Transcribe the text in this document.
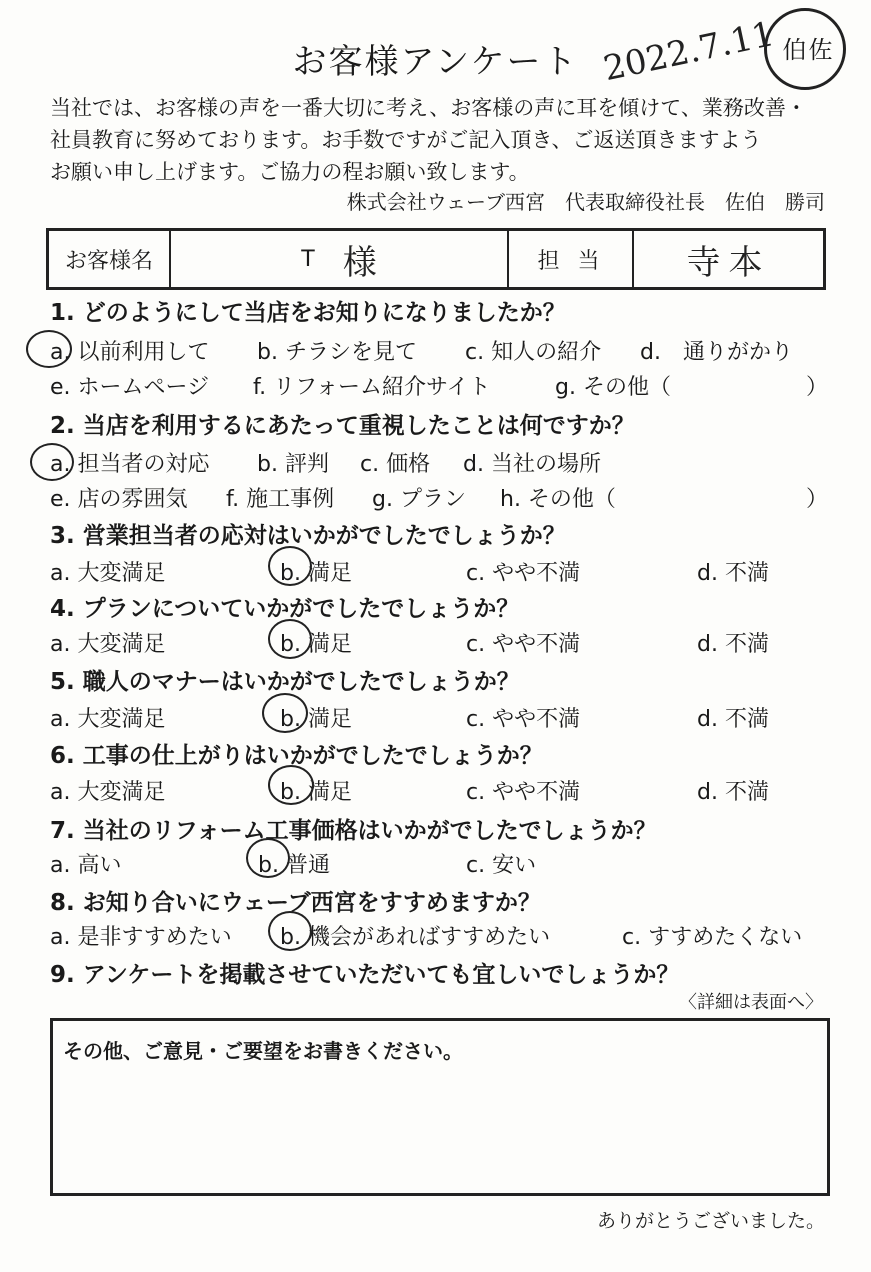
お客様アンケート 2022.7.11	佐
伯
当社では、お客様の声を一番大切に考え、お客様の声に耳を傾けて、業務改善・
社員教育に努めております。お手数ですがご記入頂き、ご返送頂きますよう
お願い申し上げます。ご協力の程お願い致します。
株式会社ウェーブ西宮　代表取締役社長　佐伯　勝司
お客様名	T 様	担当	寺本
1. どのようにして当店をお知りになりましたか？
a. 以前利用して b. チラシを見て c. 知人の紹介 d.　通りがかり
e. ホームページ f. リフォーム紹介サイト	g. その他（	）
2. 当店を利用するにあたって重視したことは何ですか？
a. 担当者の対応 b. 評判 c. 価格 d. 当社の場所
e. 店の雰囲気 f. 施工事例 g. プラン h. その他（	）
3. 営業担当者の応対はいかがでしたでしょうか？
a. 大変満足	b. 満足	c. やや不満	d. 不満
4. プランについていかがでしたでしょうか？
a. 大変満足	b. 満足	c. やや不満	d. 不満
5. 職人のマナーはいかがでしたでしょうか？
a. 大変満足	b. 満足	c. やや不満	d. 不満
6. 工事の仕上がりはいかがでしたでしょうか？
a. 大変満足	b. 満足	c. やや不満	d. 不満
7. 当社のリフォーム工事価格はいかがでしたでしょうか？
a. 高い	b. 普通	c. 安い
8. お知り合いにウェーブ西宮をすすめますか？
a. 是非すすめたい b. 機会があればすすめたい	c. すすめたくない
9. アンケートを掲載させていただいても宜しいでしょうか？
〈詳細は表面へ〉
その他、ご意見・ご要望をお書きください。
ありがとうございました。
